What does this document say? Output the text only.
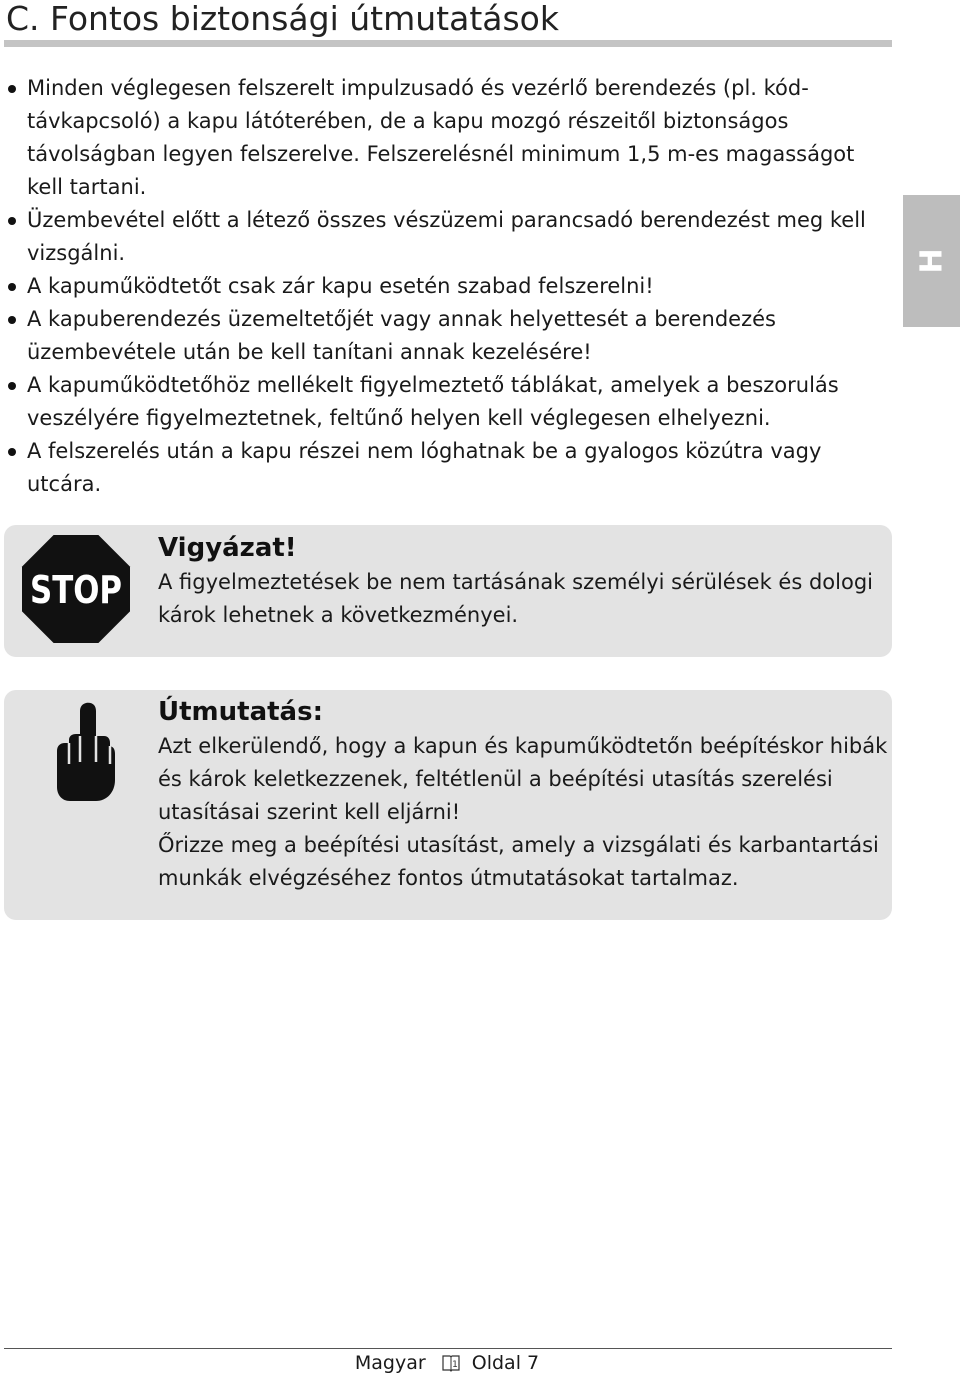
C. Fontos biztonsági útmutatások
H
Minden véglegesen felszerelt impulzusadó és vezérlő berendezés (pl. kód-távkapcsoló) a kapu látóterében, de a kapu mozgó részeitől biztonságos távolságban legyen felszerelve. Felszerelésnél minimum 1,5 m-es magasságot kell tartani.
Üzembevétel előtt a létező összes vészüzemi parancsadó berendezést meg kell vizsgálni.
A kapuműködtetőt csak zár kapu esetén szabad felszerelni!
A kapuberendezés üzemeltetőjét vagy annak helyettesét a berendezés üzembevétele után be kell tanítani annak kezelésére!
A kapuműködtetőhöz mellékelt figyelmeztető táblákat, amelyek a beszorulás veszélyére figyelmeztetnek, feltűnő helyen kell véglegesen elhelyezni.
A felszerelés után a kapu részei nem lóghatnak be a gyalogos közútra vagy utcára.
STOP
Vigyázat!

A figyelmeztetések be nem tartásának személyi sérülések és dologi károk lehetnek a következményei.

Útmutatás:

Azt elkerülendő, hogy a kapun és kapuműködtetőn beépítéskor hibák és károk keletkezzenek, feltétlenül a beépítési utasítás szerelési utasításai szerint kell eljárni!

Őrizze meg a beépítési utasítást, amely a vizsgálati és karbantartási munkák elvégzéséhez fontos útmutatásokat tartalmaz.

Magyar	1 Oldal 7
